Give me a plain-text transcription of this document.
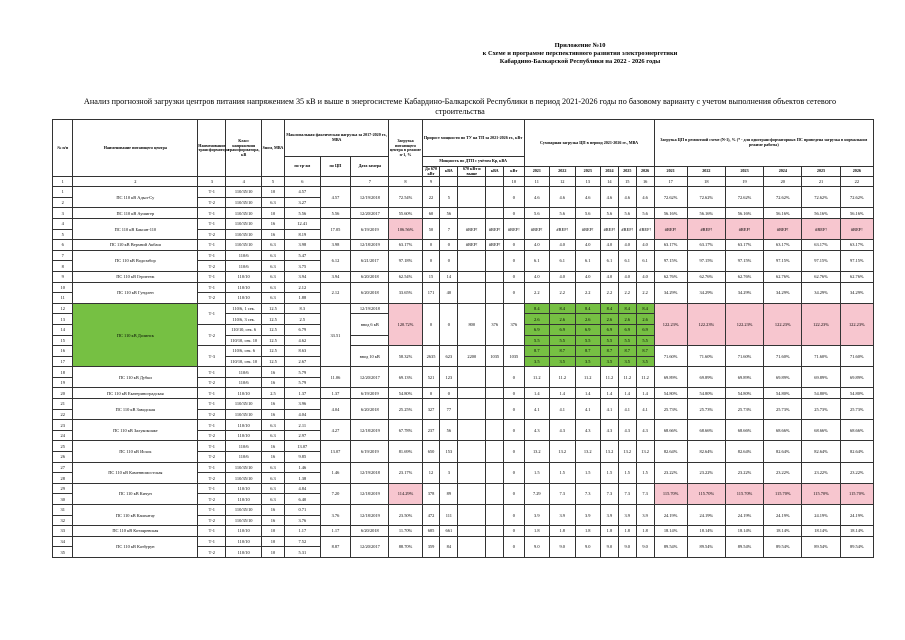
Приложение №10
к Схеме и программе перспективного развития электроэнергетики
Кабардино-Балкарской Республики на 2022 - 2026 годы
Анализ прогнозной загрузки центров питания напряжением 35 кВ и выше в энергосистеме Кабардино-Балкарской Республики в период 2021-2026 годы по базовому варианту с учетом выполнения объектов сетевого строительства
№ п/п	Наименование питающего центра	Наименование трансформатора	Класс напряжения трансформатора, кВ	Sном, МВА	Максимальная фактическая нагрузка за 2017-2020 гг., МВА			Загрузка питающего центра в режиме n-1, %	Прирост мощности по ТУ на ТП за 2021-2026 гг., кВт					Суммарная загрузка ЦП в период 2021-2026 гг., МВА						Загрузка ЦП в ремонтной схеме (N-1), % (* - для однотрансформаторных ПС приведена загрузка в нормальном режиме работы)					
					по тр-ам	по ЦП	Дата замера		Мощность по ДТП с учётом Кр, кВА																
									До 670 кВт	кВА	670 кВт и выше	кВА	кВт	2021	2022	2023	2024	2025	2026	2021	2022	2023	2024	2025	2026
1	2	3	4	5	6		7	8	9				10	11	12	13	14	15	16	17	18	19	20	21	22
1	ПС 110 кВ Адыл-Су	Т-1	110/35/10	10	4.57	4.57	12/19/2018	72.54%	22	5			0	4.6	4.6	4.6	4.6	4.6	4.6	72.62%	72.62%	72.62%	72.62%	72.62%	72.62%
2		Т-2	110/35/10	6.3	3.27																				
3	ПС 110 кВ Аушигер	Т-1	110/35/10	10	5.56	5.56	12/20/2017	55.60%	60	56			0	5.6	5.6	5.6	5.6	5.6	5.6	56.16%	56.16%	56.16%	56.16%	56.16%	56.16%
4	ПС 110 кВ Баксан-110	Т-1	110/35/10	16	12.41	17.05	6/19/2019	106.56%	50	7	#REF!	#REF!	#REF!	#REF!	#REF!	#REF!	#REF!	#REF!	#REF!	#REF!	#REF!	#REF!	#REF!	#REF!	#REF!
5		Т-2	110/35/10	16	8.19																				
6	ПС 110 кВ Верхний Акбаш	Т-1	110/35/10	6.3	3.98	3.98	12/18/2019	63.17%	0	0	#REF!	#REF!	0	4.0	4.0	4.0	4.0	4.0	4.0	63.17%	63.17%	63.17%	63.17%	63.17%	63.17%
7	ПС 110 кВ Водозабор	Т-1	110/6	6.3	5.47	6.12	6/21/2017	97.18%	0	0			0	6.1	6.1	6.1	6.1	6.1	6.1	97.15%	97.15%	97.15%	97.15%	97.15%	97.15%
8		Т-2	110/6	6.3	3.75																				
9	ПС 110 кВ Герпегеж	Т-1	110/10	6.3	3.94	3.94	6/20/2018	62.54%	15	14			0	4.0	4.0	4.0	4.0	4.0	4.0	62.76%	62.76%	62.76%	62.76%	62.76%	62.76%
10	ПС 110 кВ Гундлен	Т-1	110/10	6.3	2.12	2.12	6/20/2018	33.65%	171	40			0	2.2	2.2	2.2	2.2	2.2	2.2	34.29%	34.29%	34.29%	34.29%	34.29%	34.29%
11		Т-2	110/10	6.3	1.88																				
12	ПС 110 кВ Долинск	Т-1	110/6, 1 сек.	12.5	8.3	33.51	12/19/2018	120.72%	0	0	800	376	376	8.4	8.4	8.4	8.4	8.4	8.4	122.23%	122.23%	122.23%	122.23%	122.23%	122.23%
13			110/6, 3 сек.	12.5	2.5		ввод 6 кВ							2.6	2.6	2.6	2.6	2.6	2.6						
14		Т-2	110/10, сек. 6	12.5	6.79									6.9	6.9	6.9	6.9	6.9	6.9						
15			110/10, сек. 10	12.5	4.62									5.5	5.5	5.5	5.5	5.5	5.5						
16		Т-3	110/6, сек. 6	12.5	8.63		ввод 10 кВ	58.32%	2635	623	2200	1035	1035	8.7	8.7	8.7	8.7	8.7	8.7	71.60%	71.60%	71.60%	71.60%	71.60%	71.60%
17			110/10, сек. 10	12.5	2.67									3.5	3.5	3.5	3.5	3.5	3.5						
18	ПС 110 кВ Дубки	Т-1	110/6	16	5.79	11.06	12/20/2017	69.13%	521	123			0	11.2	11.2	11.2	11.2	11.2	11.2	69.89%	69.89%	69.89%	69.89%	69.89%	69.89%
19		Т-2	110/6	16	5.79																				
20	ПС 110 кВ Екатериноградская	Т-1	110/10	2.5	1.37	1.37	6/19/2019	54.80%	0	0			0	1.4	1.4	1.4	1.4	1.4	1.4	54.80%	54.80%	54.80%	54.80%	54.80%	54.80%
21	ПС 110 кВ Заводская	Т-1	110/35/10	16	3.96	4.04	6/20/2018	25.25%	327	77			0	4.1	4.1	4.1	4.1	4.1	4.1	25.73%	25.73%	25.73%	25.73%	25.73%	25.73%
22		Т-2	110/35/10	16	4.04																				
23	ПС 110 кВ Залукокоаже	Т-1	110/10	6.3	2.11	4.27	12/18/2019	67.78%	237	56			0	4.3	4.3	4.3	4.3	4.3	4.3	68.66%	68.66%	68.66%	68.66%	68.66%	68.66%
24		Т-2	110/10	6.3	2.97																				
25	ПС 110 кВ Исхок	Т-1	110/6	16	13.07	13.07	6/19/2019	81.69%	650	153			0	13.2	13.2	13.2	13.2	13.2	13.2	82.64%	82.64%	82.64%	82.64%	82.64%	82.64%
26		Т-2	110/6	16	9.85																				
27	ПС 110 кВ Каменномостская	Т-1	110/35/10	6.3	1.46	1.46	12/19/2018	23.17%	12	3			0	1.5	1.5	1.5	1.5	1.5	1.5	23.22%	23.22%	23.22%	23.22%	23.22%	23.22%
28		Т-2	110/35/10	6.3	1.38																				
29	ПС 110 кВ Кичун	Т-1	110/10	6.3	4.84	7.20	12/18/2019	114.29%	378	89			0	7.29	7.3	7.3	7.3	7.3	7.3	115.70%	115.70%	115.70%	115.70%	115.70%	115.70%
30		Т-2	110/10	6.3	6.40																				
31	ПС 110 кВ Кашхатау	Т-1	110/35/10	16	0.71	3.76	12/18/2019	23.50%	472	111			0	3.9	3.9	3.9	3.9	3.9	3.9	24.19%	24.19%	24.19%	24.19%	24.19%	24.19%
32		Т-2	110/35/10	16	3.76																				
33	ПС 110 кВ Котляревская	Т-1	110/10	10	1.17	1.17	6/20/2018	11.70%	685	661			0	1.8	1.8	1.8	1.8	1.8	1.8	18.14%	18.14%	18.14%	18.14%	18.14%	18.14%
34	ПС 110 кВ Казбурун	Т-1	110/10	10	7.52	8.87	12/20/2017	88.70%	359	84			0	9.0	9.0	9.0	9.0	9.0	9.0	89.54%	89.54%	89.54%	89.54%	89.54%	89.54%
35		Т-2	110/10	10	5.31																				
